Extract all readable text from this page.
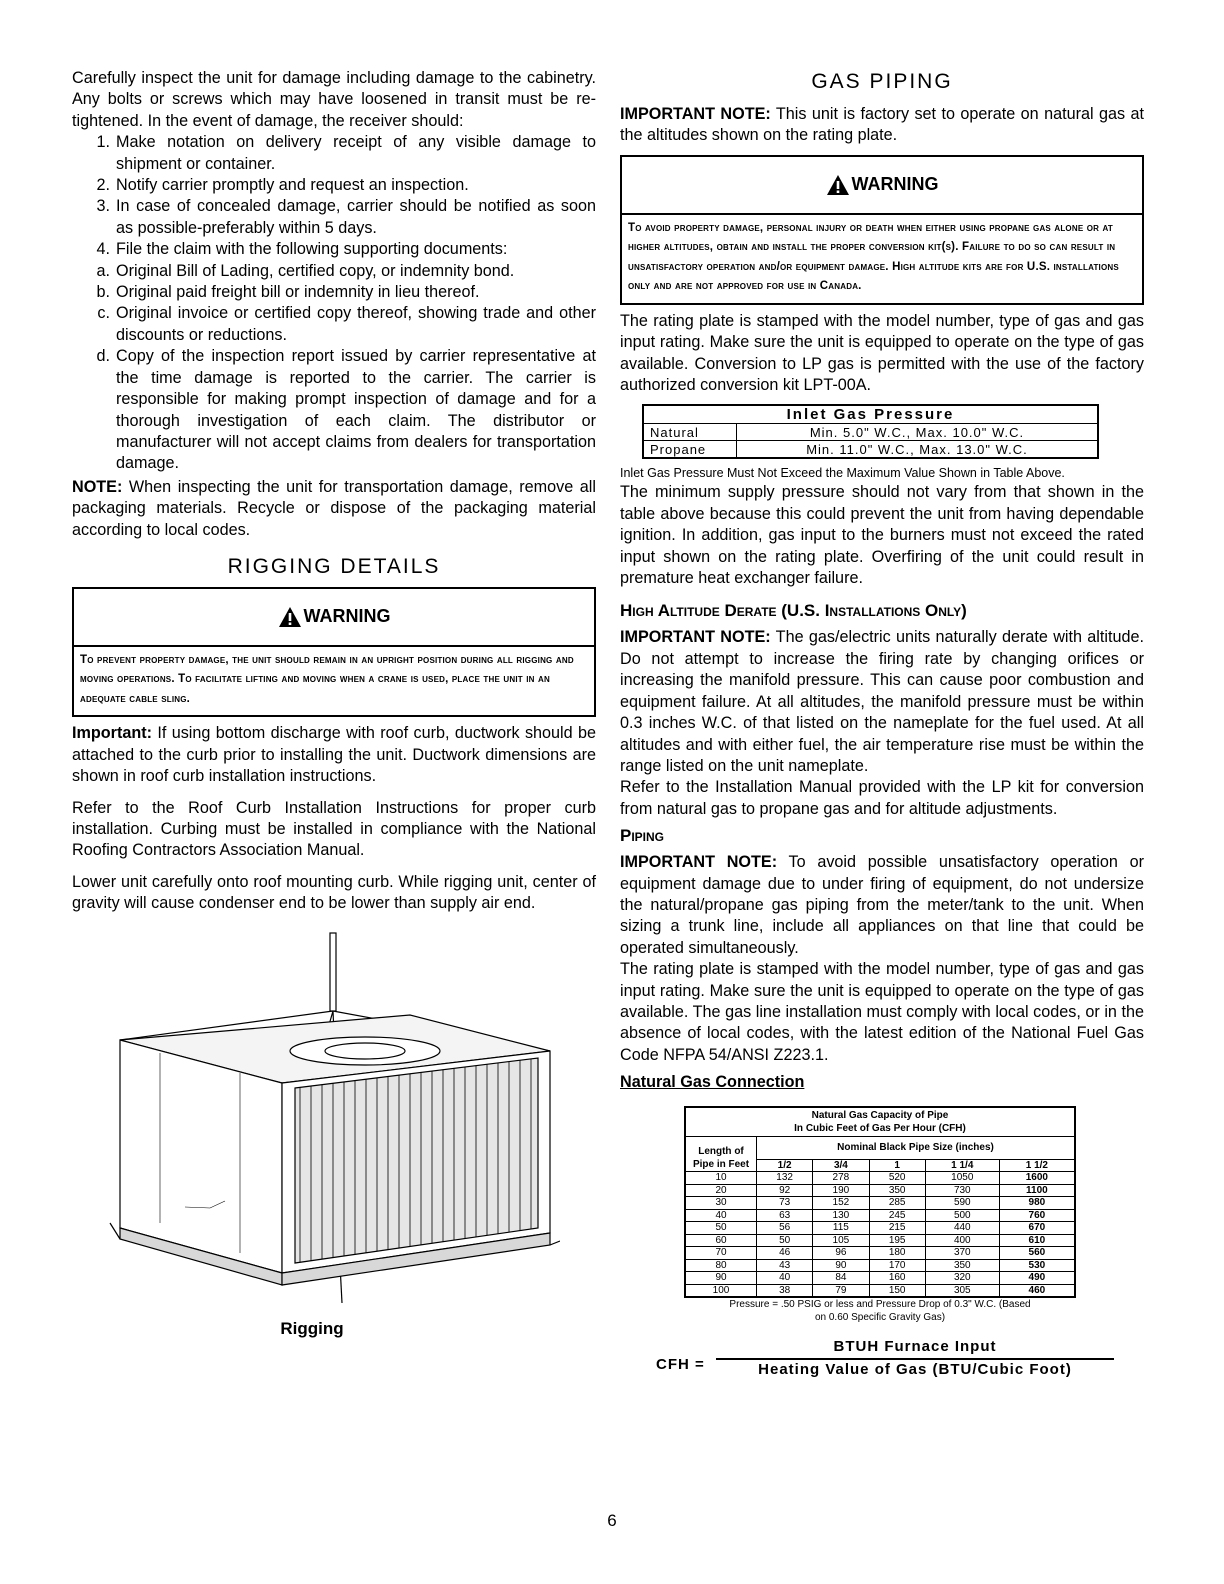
Carefully inspect the unit for damage including damage to the cabinetry. Any bolts or screws which may have loosened in transit must be re-tightened. In the event of damage, the receiver should:

1. Make notation on delivery receipt of any visible damage to shipment or container.
2. Notify carrier promptly and request an inspection.
3. In case of concealed damage, carrier should be notified as soon as possible-preferably within 5 days.
4. File the claim with the following supporting documents:
a. Original Bill of Lading, certified copy, or indemnity bond.
b. Original paid freight bill or indemnity in lieu thereof.
c. Original invoice or certified copy thereof, showing trade and other discounts or reductions.
d. Copy of the inspection report issued by carrier representative at the time damage is reported to the carrier. The carrier is responsible for making prompt inspection of damage and for a thorough investigation of each claim. The distributor or manufacturer will not accept claims from dealers for transportation damage.

NOTE: When inspecting the unit for transportation damage, remove all packaging materials. Recycle or dispose of the packaging material according to local codes.

RIGGING DETAILS
WARNING
To prevent property damage, the unit should remain in an upright position during all rigging and moving operations. To facilitate lifting and moving when a crane is used, place the unit in an adequate cable sling.

Important: If using bottom discharge with roof curb, ductwork should be attached to the curb prior to installing the unit. Ductwork dimensions are shown in roof curb installation instructions.

Refer to the Roof Curb Installation Instructions for proper curb installation. Curbing must be installed in compliance with the National Roofing Contractors Association Manual.

Lower unit carefully onto roof mounting curb. While rigging unit, center of gravity will cause condenser end to be lower than supply air end.

Rigging
GAS PIPING

IMPORTANT NOTE: This unit is factory set to operate on natural gas at the altitudes shown on the rating plate.

WARNING
To avoid property damage, personal injury or death when either using propane gas alone or at higher altitudes, obtain and install the proper conversion kit(s). Failure to do so can result in unsatisfactory operation and/or equipment damage. High altitude kits are for U.S. installations only and are not approved for use in Canada.

The rating plate is stamped with the model number, type of gas and gas input rating. Make sure the unit is equipped to operate on the type of gas available. Conversion to LP gas is permitted with the use of the factory authorized conversion kit LPT-00A.

Inlet Gas Pressure	
Natural	Min. 5.0" W.C., Max. 10.0" W.C.
Propane	Min. 11.0" W.C., Max. 13.0" W.C.

Inlet Gas Pressure Must Not Exceed the Maximum Value Shown in Table Above.

The minimum supply pressure should not vary from that shown in the table above because this could prevent the unit from having dependable ignition. In addition, gas input to the burners must not exceed the rated input shown on the rating plate. Overfiring of the unit could result in premature heat exchanger failure.

High Altitude Derate (U.S. Installations Only)

IMPORTANT NOTE: The gas/electric units naturally derate with altitude. Do not attempt to increase the firing rate by changing orifices or increasing the manifold pressure. This can cause poor combustion and equipment failure. At all altitudes, the manifold pressure must be within 0.3 inches W.C. of that listed on the nameplate for the fuel used. At all altitudes and with either fuel, the air temperature rise must be within the range listed on the unit nameplate.

Refer to the Installation Manual provided with the LP kit for conversion from natural gas to propane gas and for altitude adjustments.

Piping

IMPORTANT NOTE: To avoid possible unsatisfactory operation or equipment damage due to under firing of equipment, do not undersize the natural/propane gas piping from the meter/tank to the unit. When sizing a trunk line, include all appliances on that line that could be operated simultaneously.

The rating plate is stamped with the model number, type of gas and gas input rating. Make sure the unit is equipped to operate on the type of gas available. The gas line installation must comply with local codes, or in the absence of local codes, with the latest edition of the National Fuel Gas Code NFPA 54/ANSI Z223.1.

Natural Gas Connection

Natural Gas Capacity of Pipe
In Cubic Feet of Gas Per Hour (CFH)					
Length of
Pipe in Feet	Nominal Black Pipe Size (inches)				
	1/2	3/4	1	1 1/4	1 1/2
10	132	278	520	1050	1600
20	92	190	350	730	1100
30	73	152	285	590	980
40	63	130	245	500	760
50	56	115	215	440	670
60	50	105	195	400	610
70	46	96	180	370	560
80	43	90	170	350	530
90	40	84	160	320	490
100	38	79	150	305	460
Pressure = .50 PSIG or less and Pressure Drop of 0.3" W.C. (Based
on 0.60 Specific Gravity Gas)
CFH =
BTUH Furnace Input
Heating Value of Gas (BTU/Cubic Foot)
6
